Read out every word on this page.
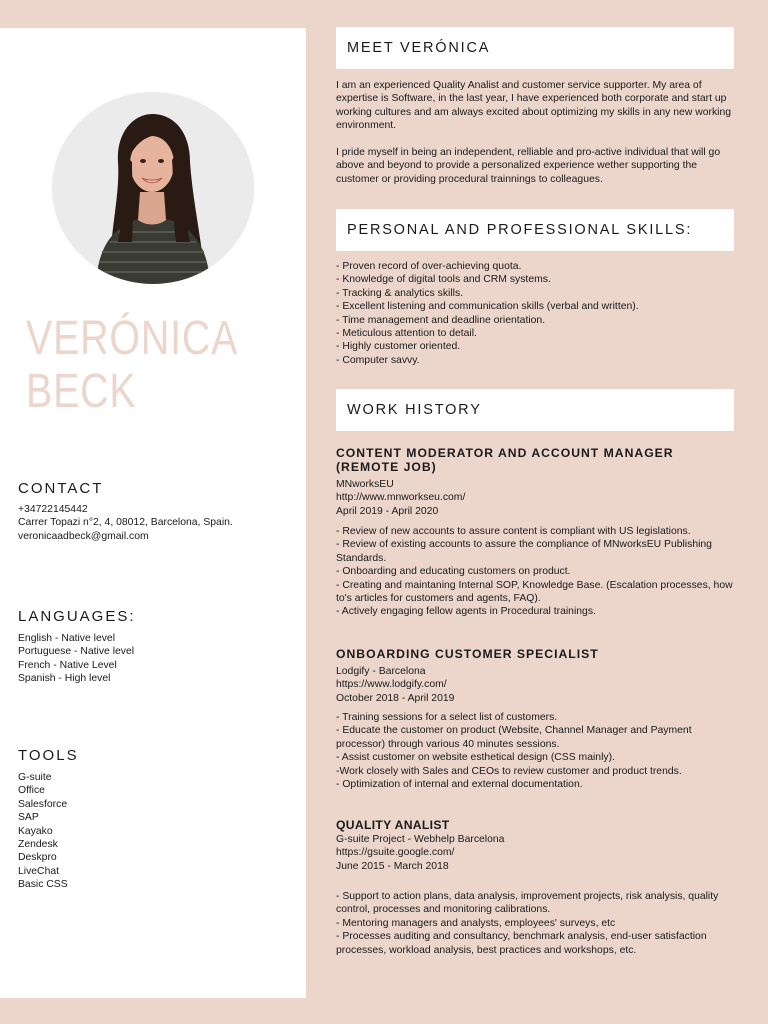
VERÓNICA
BECK
CONTACT
+34722145442
Carrer Topazi n°2, 4, 08012, Barcelona, Spain.
veronicaadbeck@gmail.com
LANGUAGES:
English - Native level
Portuguese - Native level
French - Native Level
Spanish - High level
TOOLS
G-suite
Office
Salesforce
SAP
Kayako
Zendesk
Deskpro
LiveChat
Basic CSS
MEET VERÓNICA

I am an experienced Quality Analist and customer service supporter. My area of expertise is Software, in the last year, I have experienced both corporate and start up working cultures and am always excited about optimizing my skills in any new working environment.

I pride myself in being an independent, relliable and pro-active individual that will go above and beyond to provide a personalized experience wether supporting the customer or providing procedural trainnings to colleagues.

PERSONAL AND PROFESSIONAL SKILLS:

- Proven record of over-achieving quota.

- Knowledge of digital tools and CRM systems.

- Tracking & analytics skills.

- Excellent listening and communication skills (verbal and written).

- Time management and deadline orientation.

- Meticulous attention to detail.

- Highly customer oriented.

- Computer savvy.

WORK HISTORY
CONTENT MODERATOR AND ACCOUNT MANAGER (REMOTE JOB)

MNworksEU

http://www.mnworkseu.com/

April 2019 - April 2020

- Review of new accounts to assure content is compliant with US legislations.

- Review of existing accounts to assure the compliance of MNworksEU Publishing Standards.

- Onboarding and educating customers on product.

- Creating and maintaning Internal SOP, Knowledge Base. (Escalation processes, how to's articles for customers and agents, FAQ).

- Actively engaging fellow agents in Procedural trainings.

ONBOARDING CUSTOMER SPECIALIST

Lodgify - Barcelona

https://www.lodgify.com/

October 2018 - April 2019

- Training sessions for a select list of customers.

- Educate the customer on product (Website, Channel Manager and Payment processor) through various 40 minutes sessions.

- Assist customer on website esthetical design (CSS mainly).

-Work closely with Sales and CEOs to review customer and product trends.

- Optimization of internal and external documentation.

QUALITY ANALIST

G-suite Project - Webhelp Barcelona

https://gsuite.google.com/

June 2015 - March 2018

- Support to action plans, data analysis, improvement projects, risk analysis, quality control, processes and monitoring calibrations.

- Mentoring managers and analysts, employees' surveys, etc

- Processes auditing and consultancy, benchmark analysis, end-user satisfaction processes, workload analysis, best practices and workshops, etc.
